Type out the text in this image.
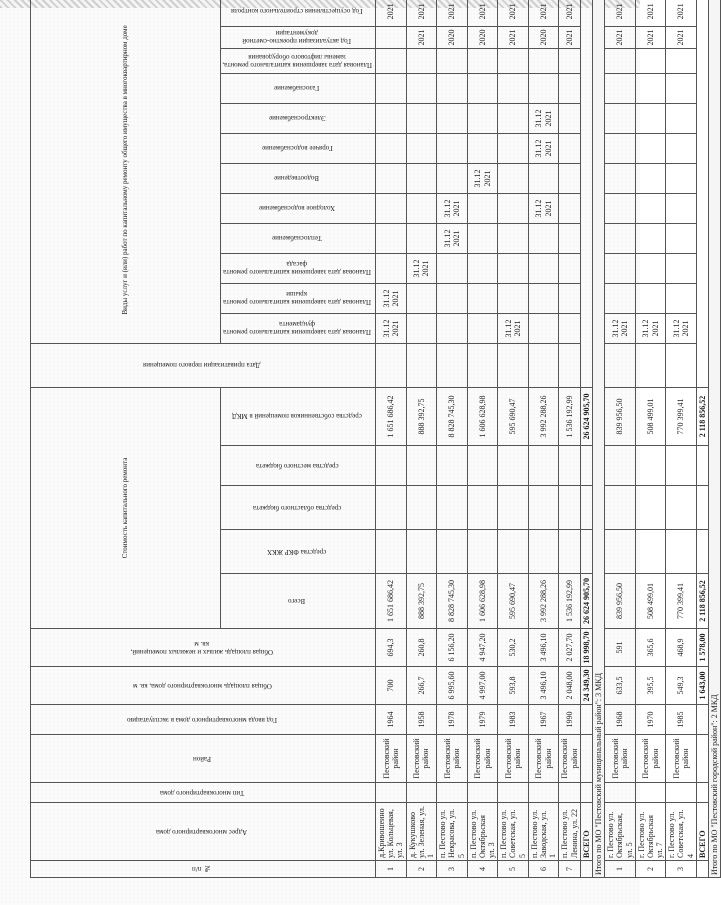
№ п/п	Адрес многоквартирного дома	Тип многоквартирного дома	Район	Год ввода многоквартирного дома в эксплуатацию	Общая площадь многоквартирного дома, кв. м	Общая площадь жилых и нежилых помещений, кв. м	Стоимость капитального ремонта					Дата приватизации первого помещения	Виды услуг и (или) работ по капитальному ремонту общего имущества в многоквартирном доме											
							Всего	средства ФКР ЖКХ	средства областного бюджета	средства местного бюджета	средства собственников помещений в МКД		Плановая дата завершения капитального ремонта фундамента	Плановая дата завершения капитального ремонта крыши	Плановая дата завершения капитального ремонта фасада	Теплоснабжение	Холодное водоснабжение	Водоотведение	Горячее водоснабжение	Электроснабжение	Газоснабжение	Плановая дата завершения капитального ремонта, замены лифтового оборудования	Год актуализации проектно-сметной документации	Год осуществления строительного контроля
1	д.Кривошеино ул. Кольцевая, ул. 3		Пестовский район	1964	700	694,3	1 651 686,42				1 651 686,42		31.12 2021	31.12 2021										2021
2	д. Кукушково ул. Зеленая, ул. 1		Пестовский район	1958	266,7	260,8	888 392,75				888 392,75				31.12 2021								2021	2021
3	п. Пестово ул. Некрасова, ул. 5		Пестовский район	1978	6 995,60	6 156,20	8 828 745,30				8 828 745,30					31.12 2021	31.12 2021						2020	2021
4	п. Пестово ул. Октябрьская ул. 3		Пестовский район	1979	4 997,00	4 947,20	1 606 628,98				1 606 628,98							31.12 2021					2020	2021
5	п. Пестово ул. Советская, ул. 5		Пестовский район	1983	593,8	530,2	595 690,47				595 690,47		31.12 2021										2021	2021
6	п. Пестово ул. Заводская, ул. 1		Пестовский район	1967	3 496,10	3 496,10	3 992 288,26				3 992 288,26						31.12 2021		31.12 2021	31.12 2021			2020	2021
7	п. Пестово ул. Ленина, ул. 22		Пестовский район	1990	2 048,00	2 027,70	1 536 192,99				1 536 192,99												2021	2021
	ВСЕГО				24 349,30	18 998,70	26 624 905,70				26 624 905,70													
Итого по МО "Пестовский муниципальный район": 3 МКД																								
1	г. Пестово ул. Октябрьская, ул. 5		Пестовский район	1968	633,5	591	839 956,50				839 956,50		31.12 2021										2021	2021
2	г. Пестово ул. Октябрьская ул. 7		Пестовский район	1970	395,5	365,6	508 499,01				508 499,01		31.12 2021										2021	2021
3	г. Пестово ул. Советская, ул. 4		Пестовский район	1985	549,3	468,9	770 399,41				770 399,41		31.12 2021										2021	2021
	ВСЕГО				1 643,00	1 578,00	2 118 856,52				2 118 856,52													
Итого по МО "Пестовский городской район": 2 МКД																								
